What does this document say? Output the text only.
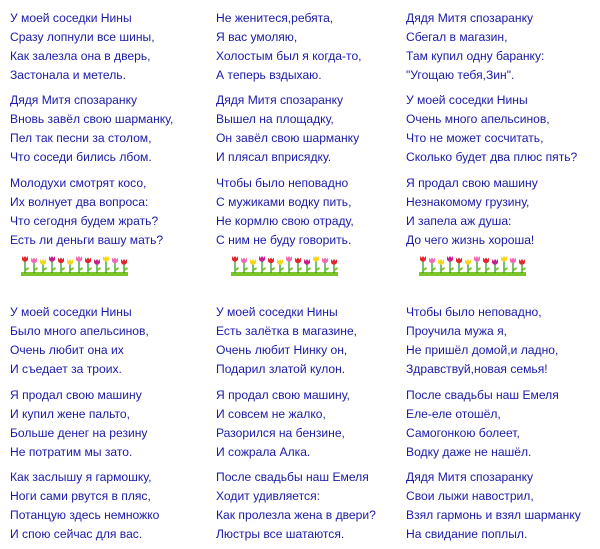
У моей соседки Нины
Сразу лопнули все шины,
Как залезла она в дверь,
Застонала и метель.
Дядя Митя спозаранку
Вновь завёл свою шарманку,
Пел так песни за столом,
Что соседи бились лбом.
Молодухи смотрят косо,
Их волнует два вопроса:
Что сегодня будем жрать?
Есть ли деньги вашу мать?
У моей соседки Нины
Было много апельсинов,
Очень любит она их
И съедает за троих.
Я продал свою машину
И купил жене пальто,
Больше денег на резину
Не потратим мы зато.
Как заслышу я гармошку,
Ноги сами рвутся в пляс,
Потанцую здесь немножко
И спою сейчас для вас.
Не женитеся,ребята,
Я вас умоляю,
Холостым был я когда-то,
А теперь вздыхаю.
Дядя Митя спозаранку
Вышел на площадку,
Он завёл свою шарманку
И плясал вприсядку.
Чтобы было неповадно
С мужиками водку пить,
Не кормлю свою отраду,
С ним не буду говорить.
У моей соседки Нины
Есть залётка в магазине,
Очень любит Нинку он,
Подарил златой кулон.
Я продал свою машину,
И совсем не жалко,
Разорился на бензине,
И сожрала Алка.
После свадьбы наш Емеля
Ходит удивляется:
Как пролезла жена в двери?
Люстры все шатаются.
Дядя Митя спозаранку
Сбегал в магазин,
Там купил одну баранку:
"Угощаю тебя,Зин".
У моей соседки Нины
Очень много апельсинов,
Что не может сосчитать,
Сколько будет два плюс пять?
Я продал свою машину
Незнакомому грузину,
И запела аж душа:
До чего жизнь хороша!
Чтобы было неповадно,
Проучила мужа я,
Не пришёл домой,и ладно,
Здравствуй,новая семья!
После свадьбы наш Емеля
Еле-еле отошёл,
Самогонкою болеет,
Водку даже не нашёл.
Дядя Митя спозаранку
Свои лыжи навострил,
Взял гармонь и взял шарманку
На свидание поплыл.
